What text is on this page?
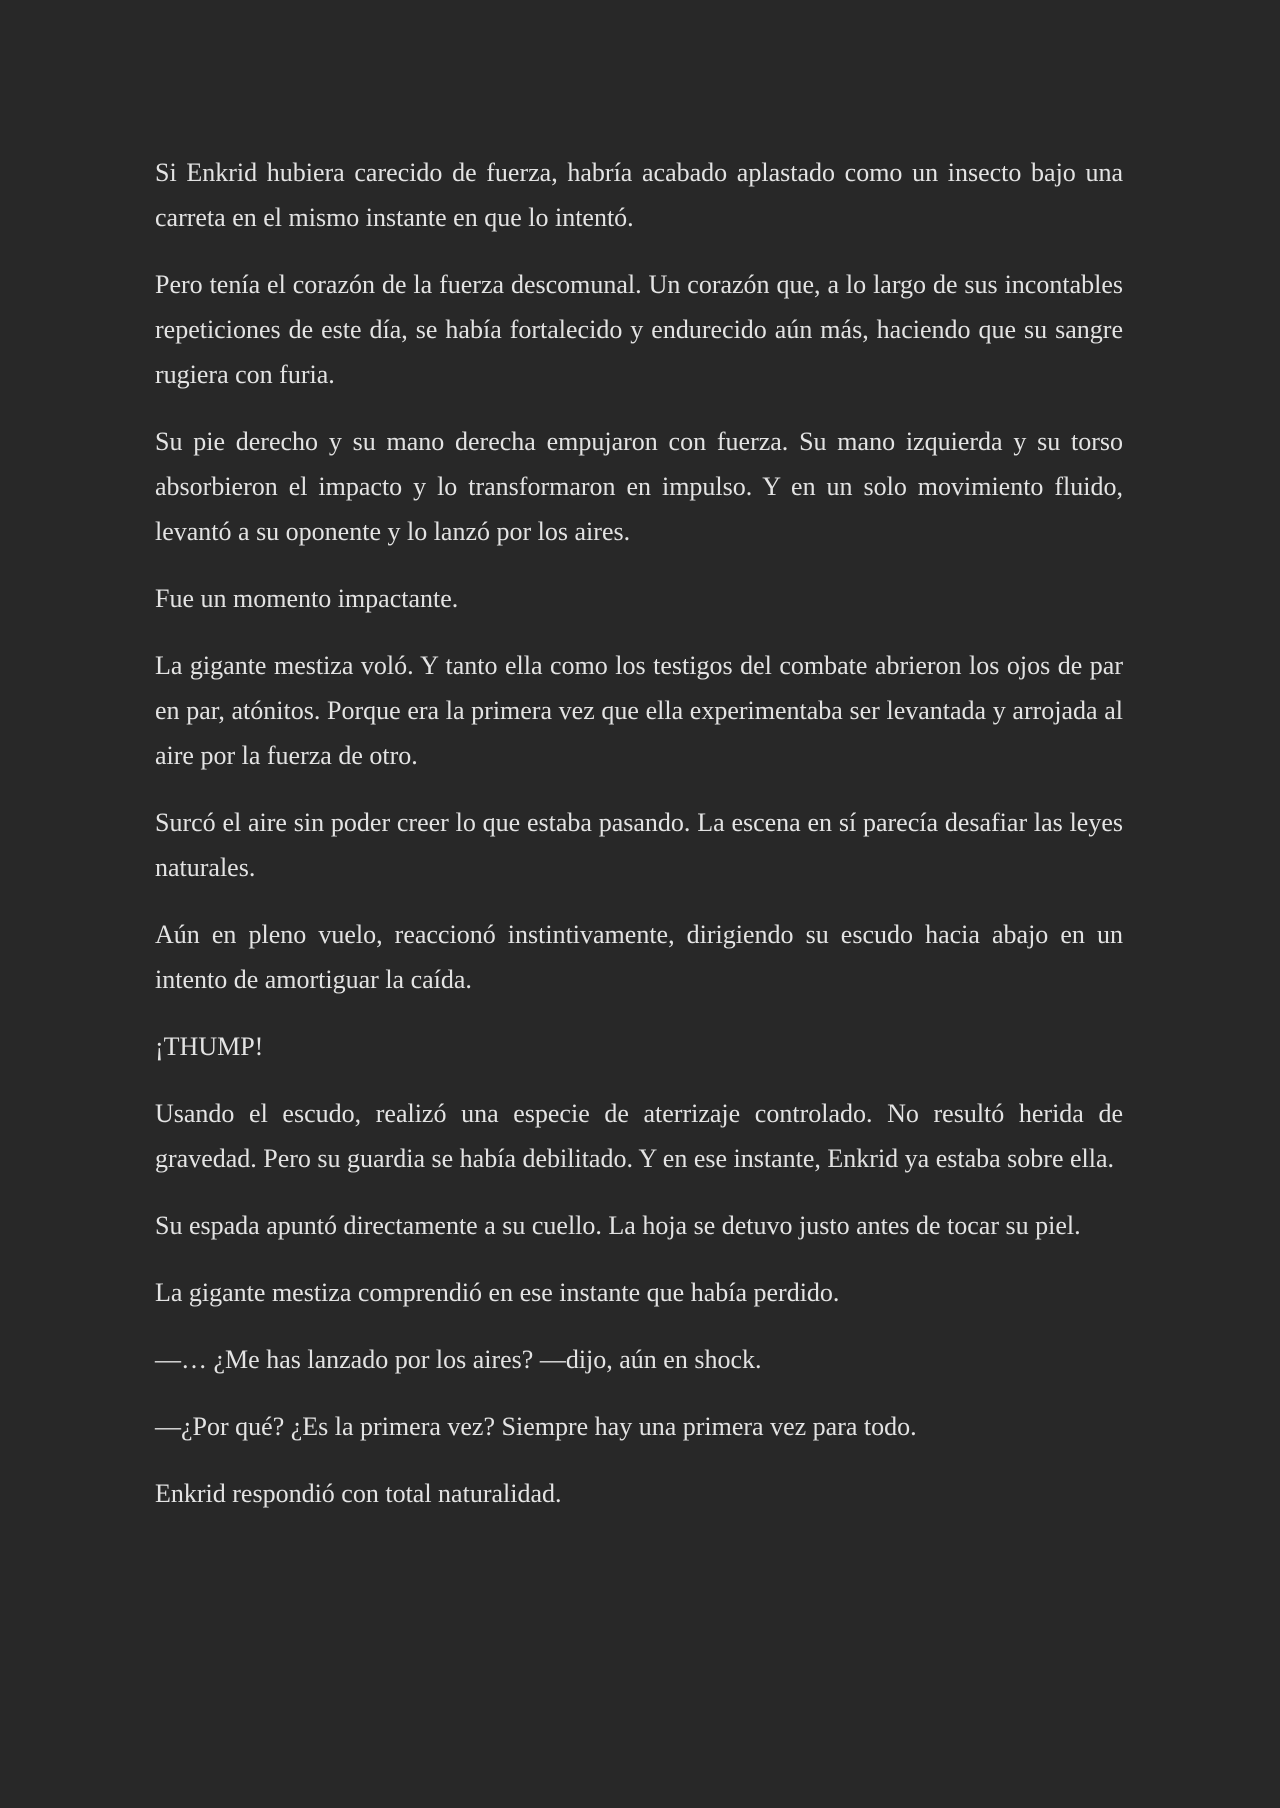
Si Enkrid hubiera carecido de fuerza, habría acabado aplastado como un insecto bajo una carreta en el mismo instante en que lo intentó.

Pero tenía el corazón de la fuerza descomunal. Un corazón que, a lo largo de sus incontables repeticiones de este día, se había fortalecido y endurecido aún más, haciendo que su sangre rugiera con furia.

Su pie derecho y su mano derecha empujaron con fuerza. Su mano izquierda y su torso absorbieron el impacto y lo transformaron en impulso. Y en un solo movimiento fluido, levantó a su oponente y lo lanzó por los aires.

Fue un momento impactante.

La gigante mestiza voló. Y tanto ella como los testigos del combate abrieron los ojos de par en par, atónitos. Porque era la primera vez que ella experimentaba ser levantada y arrojada al aire por la fuerza de otro.

Surcó el aire sin poder creer lo que estaba pasando. La escena en sí parecía desafiar las leyes naturales.

Aún en pleno vuelo, reaccionó instintivamente, dirigiendo su escudo hacia abajo en un intento de amortiguar la caída.

¡THUMP!

Usando el escudo, realizó una especie de aterrizaje controlado. No resultó herida de gravedad. Pero su guardia se había debilitado. Y en ese instante, Enkrid ya estaba sobre ella.

Su espada apuntó directamente a su cuello. La hoja se detuvo justo antes de tocar su piel.

La gigante mestiza comprendió en ese instante que había perdido.

—… ¿Me has lanzado por los aires? —dijo, aún en shock.

—¿Por qué? ¿Es la primera vez? Siempre hay una primera vez para todo.

Enkrid respondió con total naturalidad.
